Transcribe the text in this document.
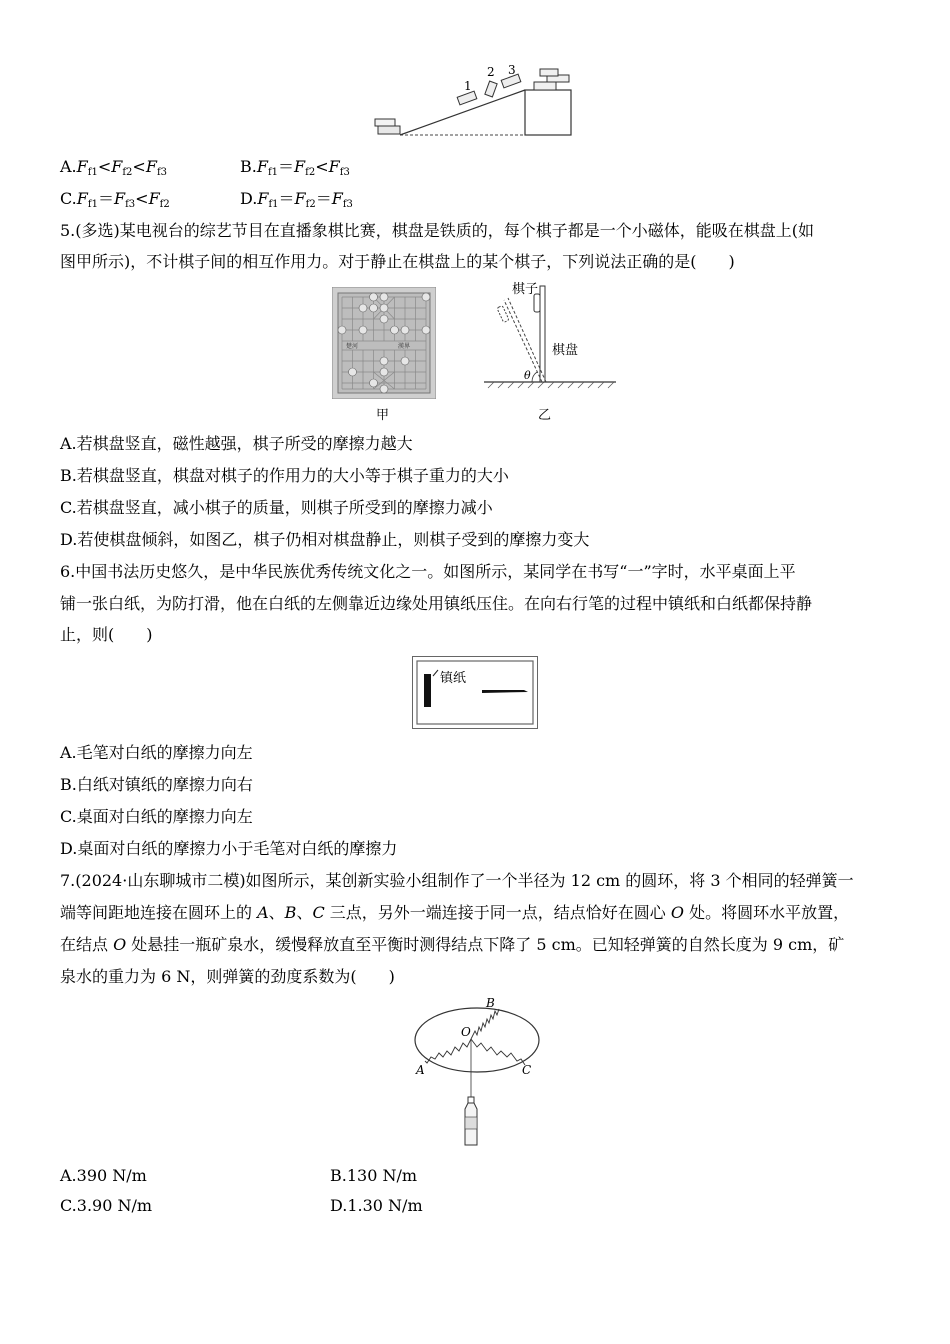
1
2 3
$A.F_{f1}<F_{f2}<F_{f3}$	$B.F_{f1}=F_{f2}<F_{f3}$
$C.F_{f1}=F_{f3}<F_{f2}$	$D.F_{f1}=F_{f2}=F_{f3}$
5.(多选)某电视台的综艺节目在直播象棋比赛，棋盘是铁质的，每个棋子都是一个小磁体，能吸在棋盘上(如
图甲所示)，不计棋子间的相互作用力。对于静止在棋盘上的某个棋子，下列说法正确的是(　　)
楚河	漢界
甲
θ
棋子
棋盘
乙
A.若棋盘竖直，磁性越强，棋子所受的摩擦力越大
B.若棋盘竖直，棋盘对棋子的作用力的大小等于棋子重力的大小
C.若棋盘竖直，减小棋子的质量，则棋子所受到的摩擦力减小
D.若使棋盘倾斜，如图乙，棋子仍相对棋盘静止，则棋子受到的摩擦力变大
6.中国书法历史悠久，是中华民族优秀传统文化之一。如图所示，某同学在书写“一”字时，水平桌面上平
铺一张白纸，为防打滑，他在白纸的左侧靠近边缘处用镇纸压住。在向右行笔的过程中镇纸和白纸都保持静
止，则(　　)
镇纸
A.毛笔对白纸的摩擦力向左
B.白纸对镇纸的摩擦力向右
C.桌面对白纸的摩擦力向左
D.桌面对白纸的摩擦力小于毛笔对白纸的摩擦力
7.(2024·山东聊城市二模)如图所示，某创新实验小组制作了一个半径为 12 cm 的圆环，将 3 个相同的轻弹簧一
端等间距地连接在圆环上的 A、B、C 三点，另外一端连接于同一点，结点恰好在圆心 O 处。将圆环水平放置，
在结点 O 处悬挂一瓶矿泉水，缓慢释放直至平衡时测得结点下降了 5 cm。已知轻弹簧的自然长度为 9 cm，矿
泉水的重力为 6 N，则弹簧的劲度系数为(　　)
B
O
A	C
A.390 N/m	B.130 N/m
C.3.90 N/m	D.1.30 N/m
